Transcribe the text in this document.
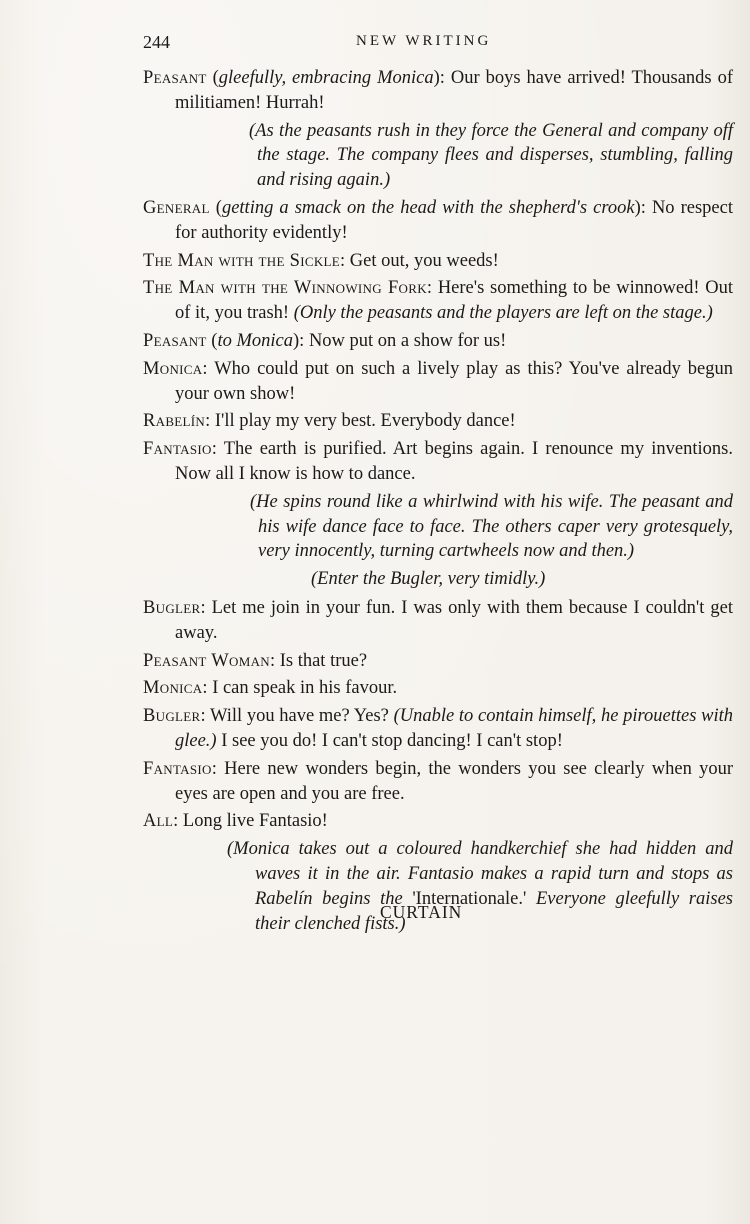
244	NEW WRITING

Peasant (gleefully, embracing Monica): Our boys have arrived! Thousands of militiamen! Hurrah!

(As the peasants rush in they force the General and company off the stage. The company flees and disperses, stumbling, falling and rising again.)

General (getting a smack on the head with the shepherd's crook): No respect for authority evidently!

The Man with the Sickle: Get out, you weeds!

The Man with the Winnowing Fork: Here's something to be winnowed! Out of it, you trash! (Only the peasants and the players are left on the stage.)

Peasant (to Monica): Now put on a show for us!

Monica: Who could put on such a lively play as this? You've already begun your own show!

Rabelín: I'll play my very best. Everybody dance!

Fantasio: The earth is purified. Art begins again. I renounce my inventions. Now all I know is how to dance.

(He spins round like a whirlwind with his wife. The peasant and his wife dance face to face. The others caper very grotesquely, very innocently, turning cartwheels now and then.)

(Enter the Bugler, very timidly.)

Bugler: Let me join in your fun. I was only with them because I couldn't get away.

Peasant Woman: Is that true?

Monica: I can speak in his favour.

Bugler: Will you have me? Yes? (Unable to contain himself, he pirouettes with glee.) I see you do! I can't stop dancing! I can't stop!

Fantasio: Here new wonders begin, the wonders you see clearly when your eyes are open and you are free.

All: Long live Fantasio!

(Monica takes out a coloured handkerchief she had hidden and waves it in the air. Fantasio makes a rapid turn and stops as Rabelín begins the 'Internationale.' Everyone gleefully raises their clenched fists.)

CURTAIN
